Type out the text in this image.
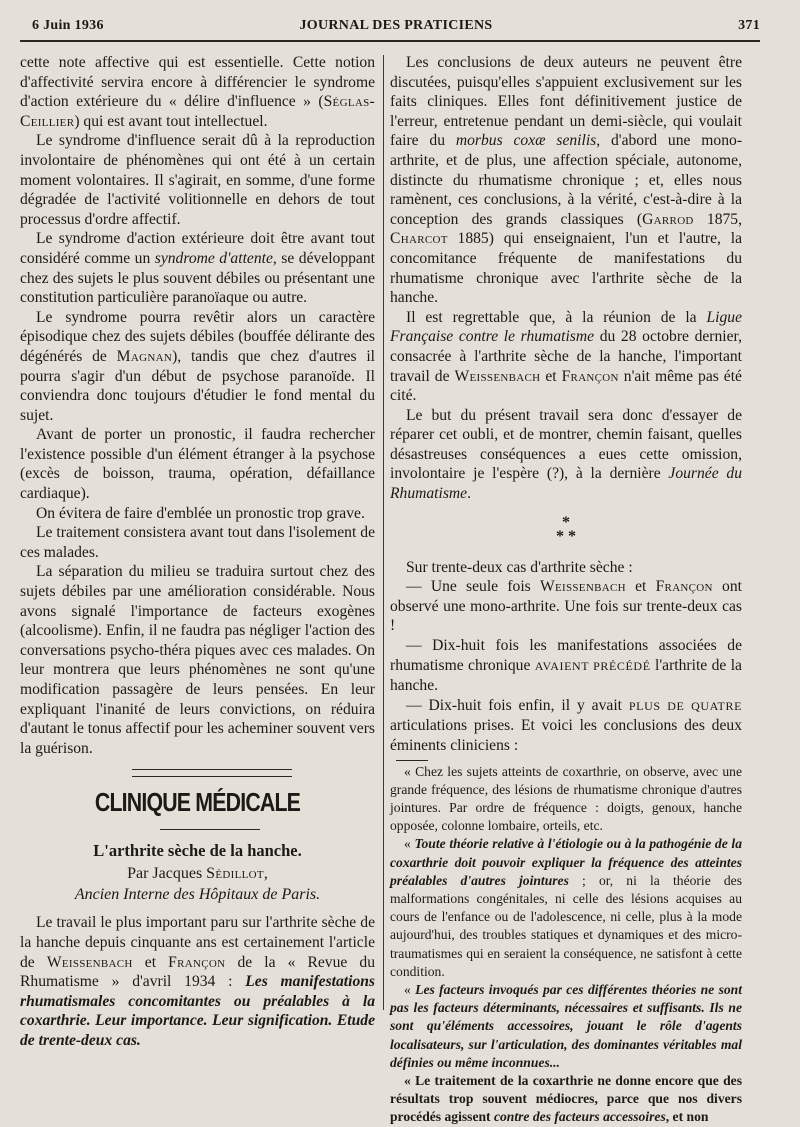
6 Juin 1936	JOURNAL DES PRATICIENS	371

cette note affective qui est essentielle. Cette notion d'affectivité servira encore à différencier le syndrome d'action extérieure du « délire d'influence » (Séglas-Ceillier) qui est avant tout intellectuel.

Le syndrome d'influence serait dû à la reproduction involontaire de phénomènes qui ont été à un certain moment volontaires. Il s'agirait, en somme, d'une forme dégradée de l'activité volitionnelle en dehors de tout processus d'ordre affectif.

Le syndrome d'action extérieure doit être avant tout considéré comme un syndrome d'attente, se développant chez des sujets le plus souvent débiles ou présentant une constitution particulière paranoïaque ou autre.

Le syndrome pourra revêtir alors un caractère épisodique chez des sujets débiles (bouffée délirante des dégénérés de Magnan), tandis que chez d'autres il pourra s'agir d'un début de psychose paranoïde. Il conviendra donc toujours d'étudier le fond mental du sujet.

Avant de porter un pronostic, il faudra rechercher l'existence possible d'un élément étranger à la psychose (excès de boisson, trauma, opération, défaillance cardiaque).

On évitera de faire d'emblée un pronostic trop grave.

Le traitement consistera avant tout dans l'isolement de ces malades.

La séparation du milieu se traduira surtout chez des sujets débiles par une amélioration considérable. Nous avons signalé l'importance de facteurs exogènes (alcoolisme). Enfin, il ne faudra pas négliger l'action des conversations psycho-théra piques avec ces malades. On leur montrera que leurs phénomènes ne sont qu'une modification passagère de leurs pensées. En leur expliquant l'inanité de leurs convictions, on réduira d'autant le tonus affectif pour les acheminer souvent vers la guérison.

CLINIQUE MÉDICALE
L'arthrite sèche de la hanche.
Par Jacques Sédillot,
Ancien Interne des Hôpitaux de Paris.

Le travail le plus important paru sur l'arthrite sèche de la hanche depuis cinquante ans est certainement l'article de Weissenbach et Françon de la « Revue du Rhumatisme » d'avril 1934 : Les manifestations rhumatismales concomitantes ou préalables à la coxarthrie. Leur importance. Leur signification. Etude de trente-deux cas.

Les conclusions de deux auteurs ne peuvent être discutées, puisqu'elles s'appuient exclusivement sur les faits cliniques. Elles font définitivement justice de l'erreur, entretenue pendant un demi-siècle, qui voulait faire du morbus coxæ senilis, d'abord une mono-arthrite, et de plus, une affection spéciale, autonome, distincte du rhumatisme chronique ; et, elles nous ramènent, ces conclusions, à la vérité, c'est-à-dire à la conception des grands classiques (Garrod 1875, Charcot 1885) qui enseignaient, l'un et l'autre, la concomitance fréquente de manifestations du rhumatisme chronique avec l'arthrite sèche de la hanche.

Il est regrettable que, à la réunion de la Ligue Française contre le rhumatisme du 28 octobre dernier, consacrée à l'arthrite sèche de la hanche, l'important travail de Weissenbach et Françon n'ait même pas été cité.

Le but du présent travail sera donc d'essayer de réparer cet oubli, et de montrer, chemin faisant, quelles désastreuses conséquences a eues cette omission, involontaire je l'espère (?), à la dernière Journée du Rhumatisme.

*
* *

Sur trente-deux cas d'arthrite sèche :

— Une seule fois Weissenbach et Françon ont observé une mono-arthrite. Une fois sur trente-deux cas !

— Dix-huit fois les manifestations associées de rhumatisme chronique AVAIENT PRÉCÉDÉ l'arthrite de la hanche.

— Dix-huit fois enfin, il y avait PLUS DE QUATRE articulations prises. Et voici les conclusions des deux éminents cliniciens :

« Chez les sujets atteints de coxarthrie, on observe, avec une grande fréquence, des lésions de rhumatisme chronique d'autres jointures. Par ordre de fréquence : doigts, genoux, hanche opposée, colonne lombaire, orteils, etc.

« Toute théorie relative à l'étiologie ou à la pathogénie de la coxarthrie doit pouvoir expliquer la fréquence des atteintes préalables d'autres jointures ; or, ni la théorie des malformations congénitales, ni celle des lésions acquises au cours de l'enfance ou de l'adolescence, ni celle, plus à la mode aujourd'hui, des troubles statiques et dynamiques et des micro-traumatismes qui en seraient la conséquence, ne satisfont à cette condition.

« Les facteurs invoqués par ces différentes théories ne sont pas les facteurs déterminants, nécessaires et suffisants. Ils ne sont qu'éléments accessoires, jouant le rôle d'agents localisateurs, sur l'articulation, des dominantes véritables mal définies ou même inconnues...

« Le traitement de la coxarthrie ne donne encore que des résultats trop souvent médiocres, parce que nos divers procédés agissent contre des facteurs accessoires, et non
